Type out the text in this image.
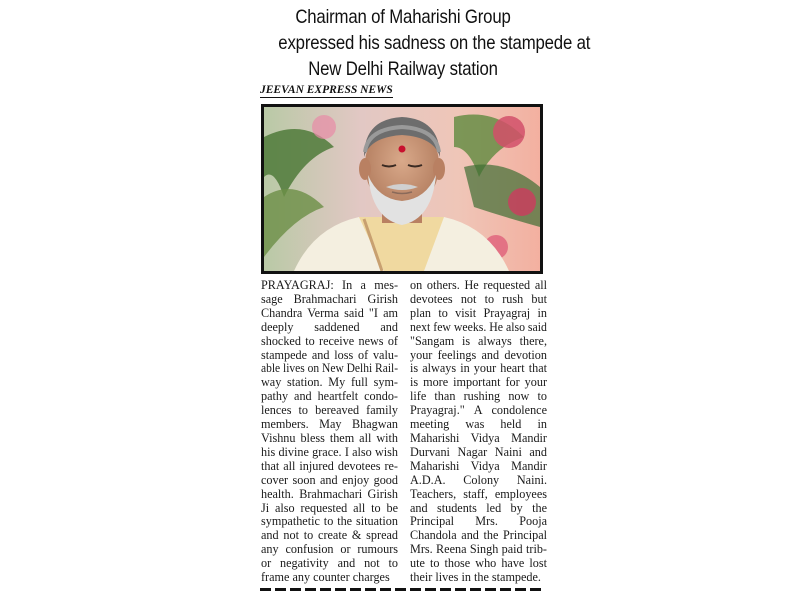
Chairman of Maharishi Group
expressed his sadness on the stampede at
New Delhi Railway station
JEEVAN EXPRESS NEWS
PRAYAGRAJ: In a mes-
sage Brahmachari Girish
Chandra Verma said "I am
deeply saddened and
shocked to receive news of
stampede and loss of valu-
able lives on New Delhi Rail-
way station. My full sym-
pathy and heartfelt condo-
lences to bereaved family
members. May Bhagwan
Vishnu bless them all with
his divine grace. I also wish
that all injured devotees re-
cover soon and enjoy good
health. Brahmachari Girish
Ji also requested all to be
sympathetic to the situation
and not to create & spread
any confusion or rumours
or negativity and not to
frame any counter charges
on others. He requested all
devotees not to rush but
plan to visit Prayagraj in
next few weeks. He also said
"Sangam is always there,
your feelings and devotion
is always in your heart that
is more important for your
life than rushing now to
Prayagraj." A condolence
meeting was held in
Maharishi Vidya Mandir
Durvani Nagar Naini and
Maharishi Vidya Mandir
A.D.A. Colony Naini.
Teachers, staff, employees
and students led by the
Principal Mrs. Pooja
Chandola and the Principal
Mrs. Reena Singh paid trib-
ute to those who have lost
their lives in the stampede.
